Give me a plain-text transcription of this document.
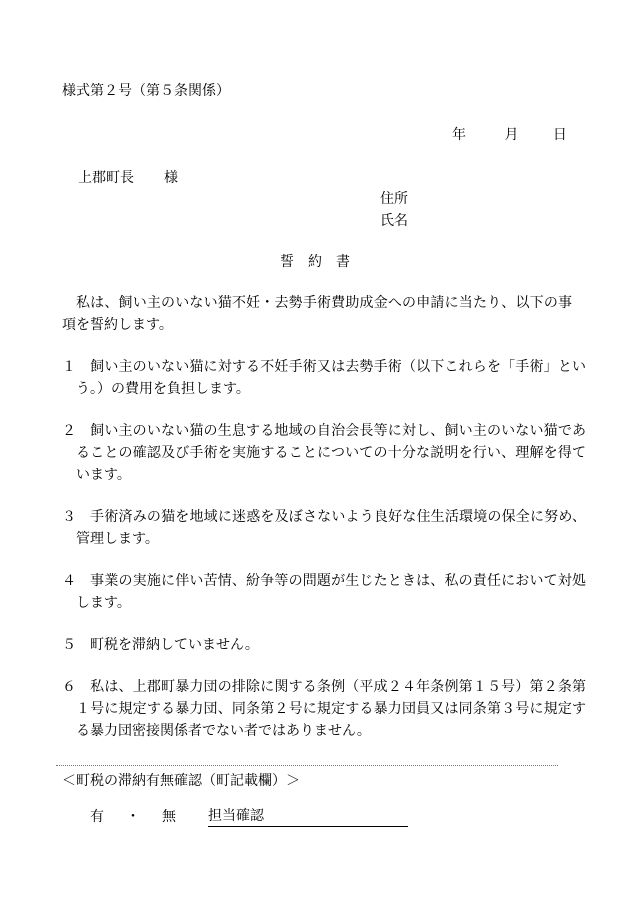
様式第２号（第５条関係）
年	月 日
上郡町長 様
住所
氏名
誓約書
私は、飼い主のいない猫不妊・去勢手術費助成金への申請に当たり、以下の事項を誓約します。
１ 飼い主のいない猫に対する不妊手術又は去勢手術（以下これらを「手術」という。）の費用を負担します。
２ 飼い主のいない猫の生息する地域の自治会長等に対し、飼い主のいない猫であることの確認及び手術を実施することについての十分な説明を行い、理解を得ています。
３ 手術済みの猫を地域に迷惑を及ぼさないよう良好な住生活環境の保全に努め、管理します。
４ 事業の実施に伴い苦情、紛争等の問題が生じたときは、私の責任において対処します。
５ 町税を滞納していません。
６ 私は、上郡町暴力団の排除に関する条例（平成２４年条例第１５号）第２条第１号に規定する暴力団、同条第２号に規定する暴力団員又は同条第３号に規定する暴力団密接関係者でない者ではありません。
＜町税の滞納有無確認（町記載欄）＞
有 ・ 無 担当確認
